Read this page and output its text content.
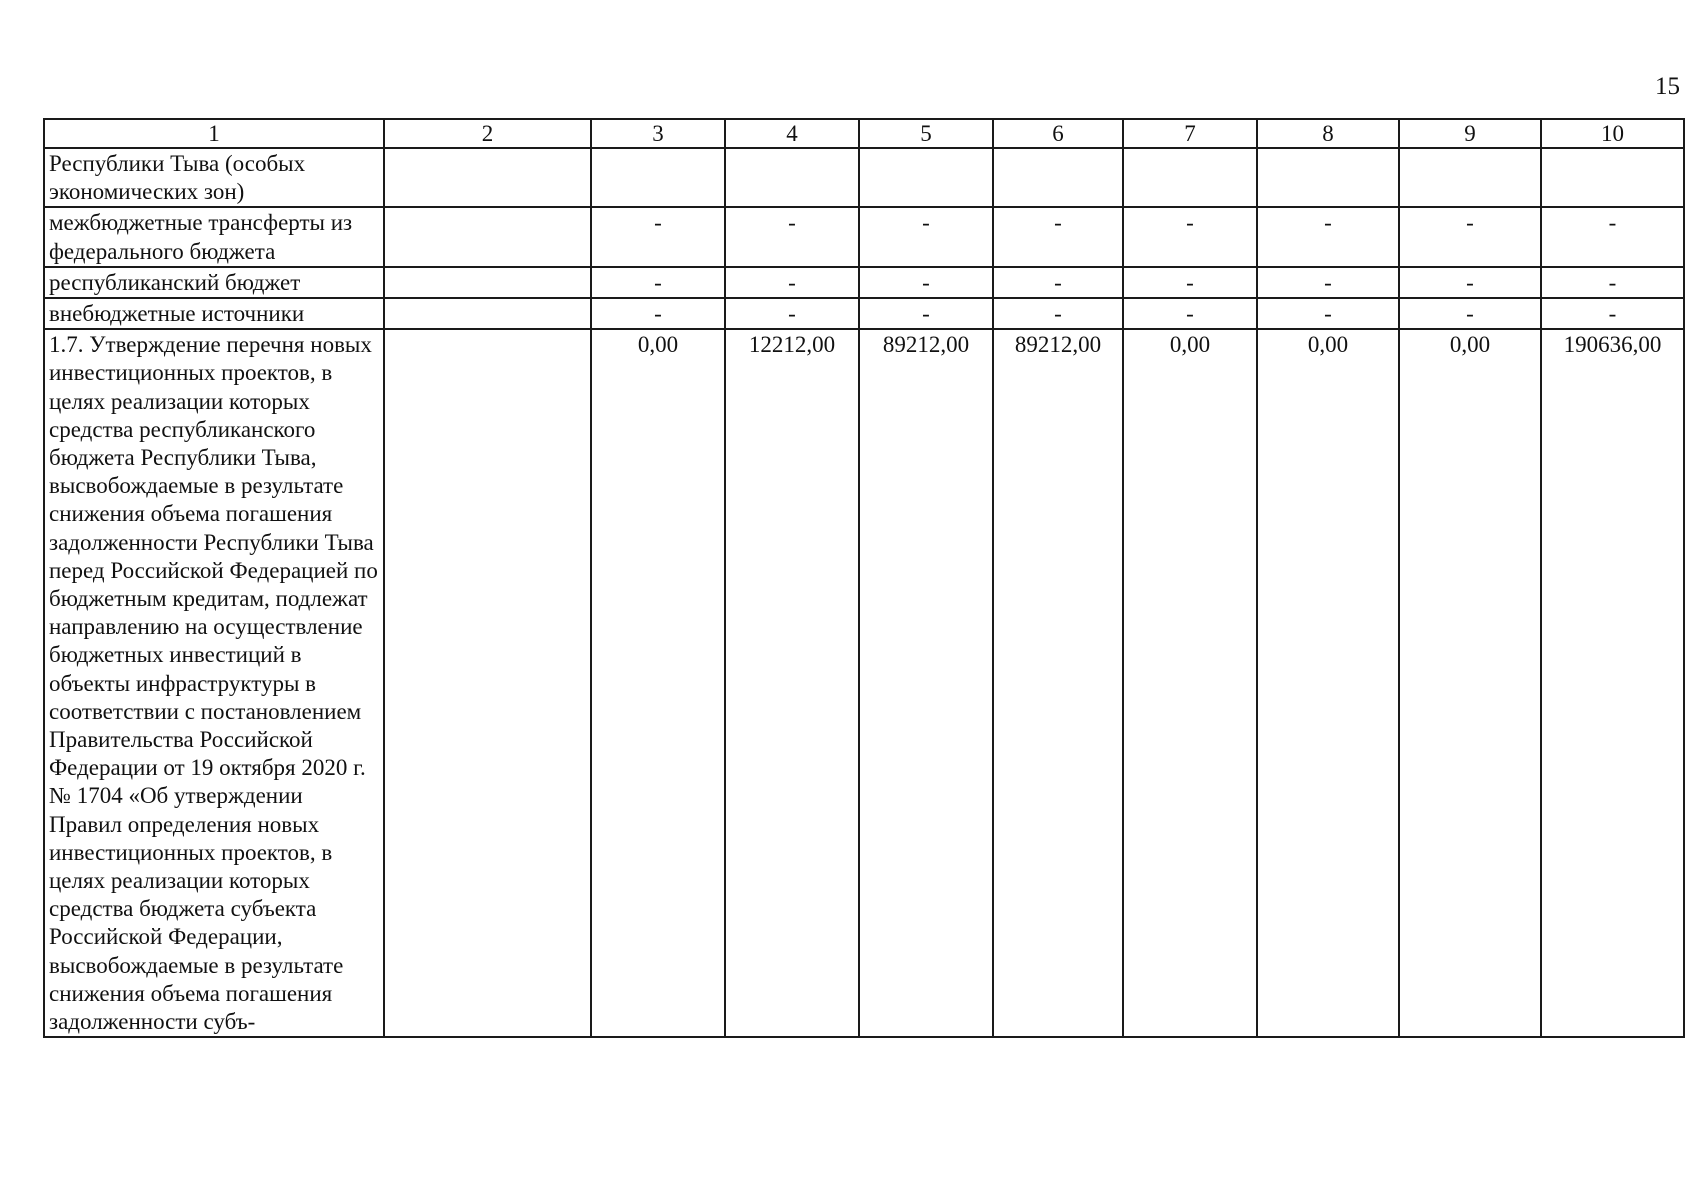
15
1	2	3	4	5	6	7	8	9	10
Республики Тыва (особых экономических зон)									
межбюджетные трансферты из федерального бюджета		-	-	-	-	-	-	-	-
республиканский бюджет		-	-	-	-	-	-	-	-
внебюджетные источники		-	-	-	-	-	-	-	-
1.7. Утверждение перечня новых инвестиционных проектов, в целях реализации которых средства республиканского бюджета Республики Тыва, высвобождаемые в результате снижения объема погашения задолженности Республики Тыва перед Российской Федерацией по бюджетным кредитам, подлежат направлению на осуществление бюджетных инвестиций в объекты инфраструктуры в соответствии с постановлением Правительства Российской Федерации от 19 октября 2020 г. № 1704 «Об утверждении Правил определения новых инвестиционных проектов, в целях реализации которых средства бюджета субъекта Российской Федерации, высвобождаемые в результате снижения объема погашения задолженности субъ-		0,00	12212,00	89212,00	89212,00	0,00	0,00	0,00	190636,00
